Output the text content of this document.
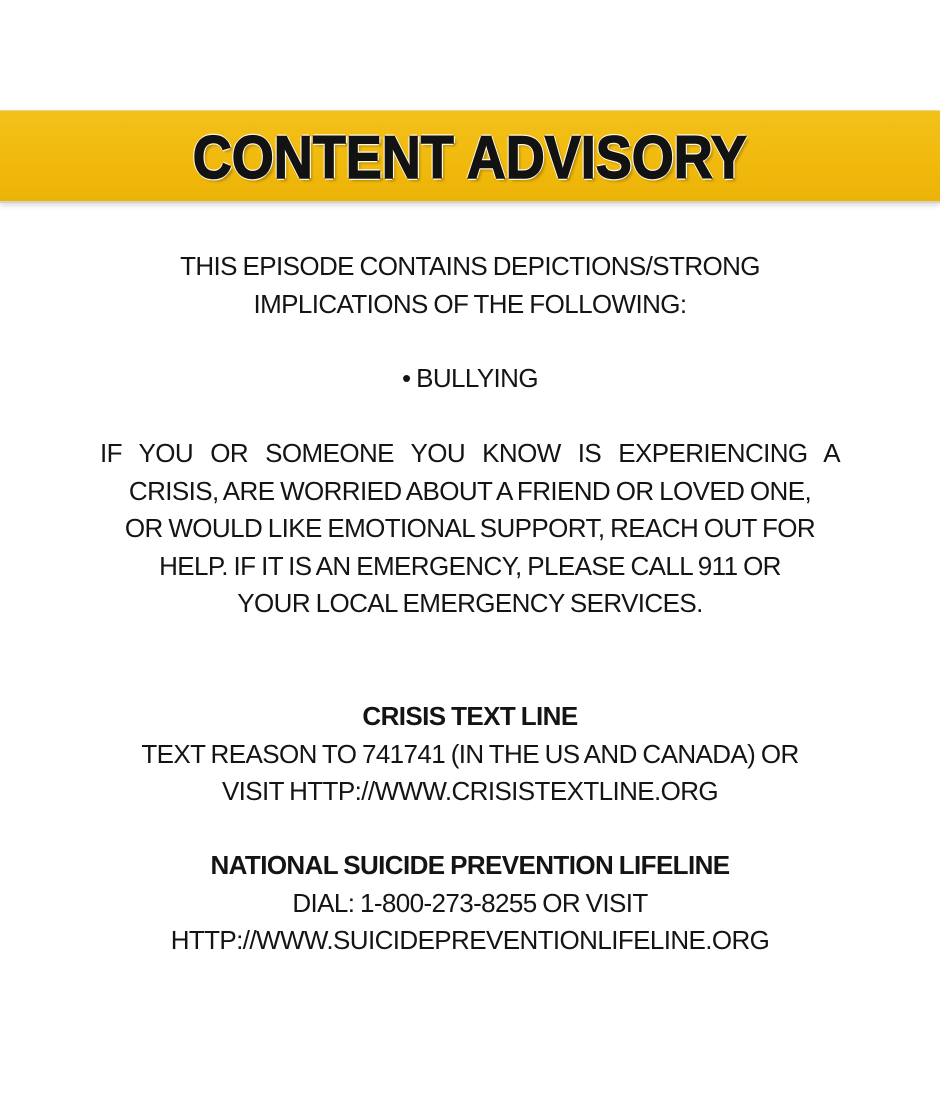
CONTENT ADVISORY
THIS EPISODE CONTAINS DEPICTIONS/STRONG
IMPLICATIONS OF THE FOLLOWING:
• BULLYING
IF YOU OR SOMEONE YOU KNOW IS EXPERIENCING A
CRISIS, ARE WORRIED ABOUT A FRIEND OR LOVED ONE,
OR WOULD LIKE EMOTIONAL SUPPORT, REACH OUT FOR
HELP. IF IT IS AN EMERGENCY, PLEASE CALL 911 OR
YOUR LOCAL EMERGENCY SERVICES.
CRISIS TEXT LINE
TEXT REASON TO 741741 (IN THE US AND CANADA) OR
VISIT HTTP://WWW.CRISISTEXTLINE.ORG
NATIONAL SUICIDE PREVENTION LIFELINE
DIAL: 1-800-273-8255 OR VISIT
HTTP://WWW.SUICIDEPREVENTIONLIFELINE.ORG
